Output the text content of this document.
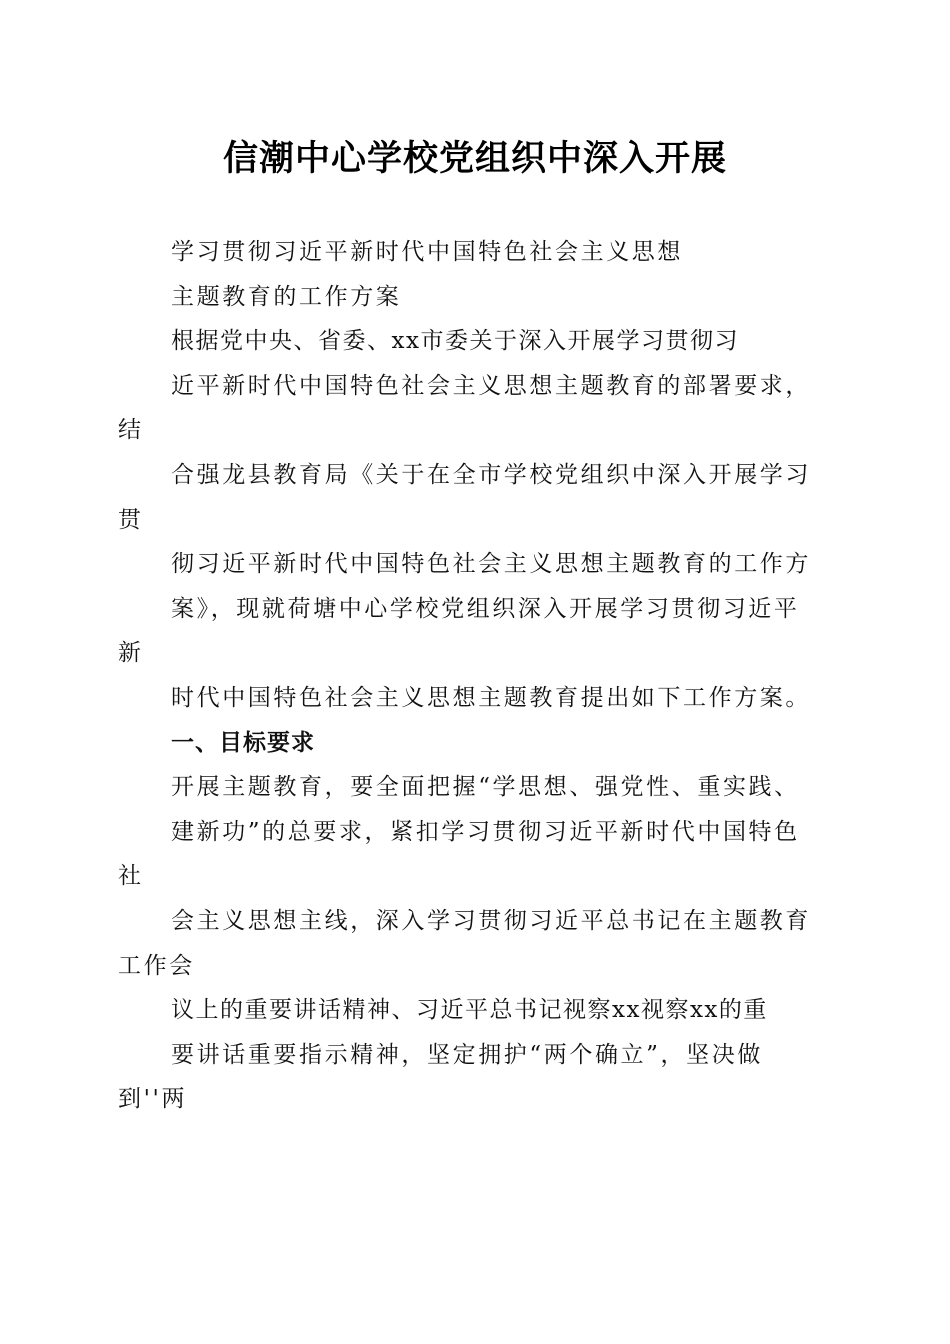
信潮中心学校党组织中深入开展
学习贯彻习近平新时代中国特色社会主义思想
主题教育的工作方案
根据党中央、省委、xx市委关于深入开展学习贯彻习
近平新时代中国特色社会主义思想主题教育的部署要求，
结
合强龙县教育局《关于在全市学校党组织中深入开展学习
贯
彻习近平新时代中国特色社会主义思想主题教育的工作方
案》，现就荷塘中心学校党组织深入开展学习贯彻习近平
新
时代中国特色社会主义思想主题教育提出如下工作方案。
一、目标要求
开展主题教育，要全面把握“学思想、强党性、重实践、
建新功”的总要求，紧扣学习贯彻习近平新时代中国特色
社
会主义思想主线，深入学习贯彻习近平总书记在主题教育
工作会
议上的重要讲话精神、习近平总书记视察xx视察xx的重
要讲话重要指示精神，坚定拥护“两个确立”，坚决做
到''两
